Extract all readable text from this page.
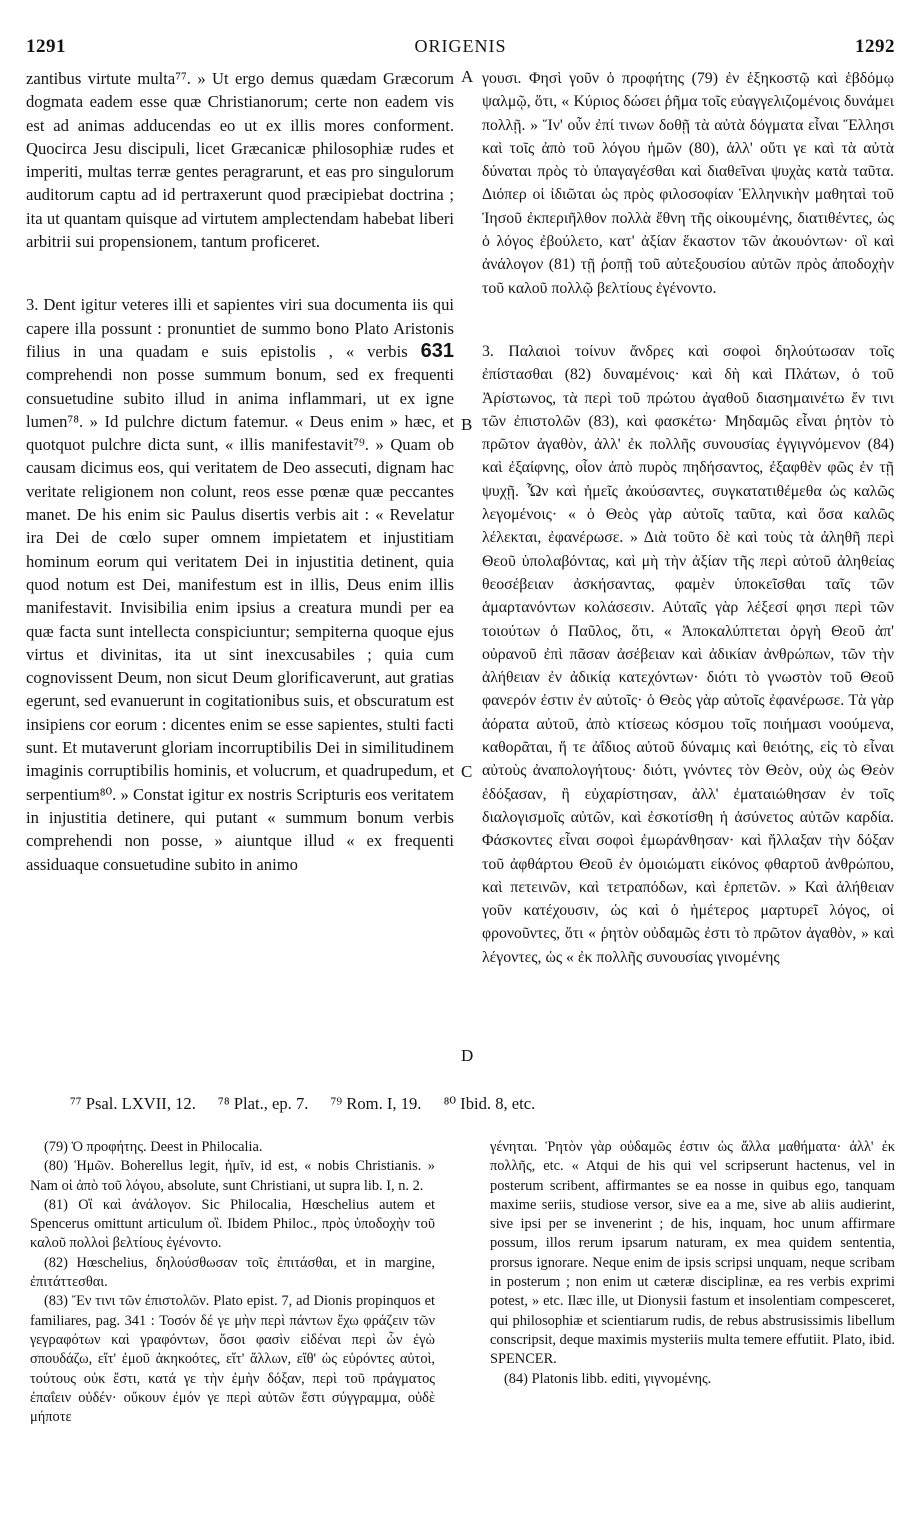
1291	ORIGENIS	1292

zantibus virtute multa⁷⁷. » Ut ergo demus quædam Græcorum dogmata eadem esse quæ Christianorum; certe non eadem vis est ad animas adducendas eo ut ex illis mores conforment. Quocirca Jesu discipuli, licet Græcanicæ philosophiæ rudes et imperiti, multas terræ gentes peragrarunt, et eas pro singulorum auditorum captu ad id pertraxerunt quod præcipiebat doctrina ; ita ut quantam quisque ad virtutem amplectendam habebat liberi arbitrii sui propensionem, tantum proficeret.

3. Dent igitur veteres illi et sapientes viri sua documenta iis qui capere illa possunt : pronuntiet de summo bono Plato Aristonis filius in una quadam e suis epistolis , « verbis 631 comprehendi non posse summum bonum, sed ex frequenti consuetudine subito illud in anima inflammari, ut ex igne lumen⁷⁸. » Id pulchre dictum fatemur. « Deus enim » hæc, et quotquot pulchre dicta sunt, « illis manifestavit⁷⁹. » Quam ob causam dicimus eos, qui veritatem de Deo assecuti, dignam hac veritate religionem non colunt, reos esse pœnæ quæ peccantes manet. De his enim sic Paulus disertis verbis ait : « Revelatur ira Dei de cœlo super omnem impietatem et injustitiam hominum eorum qui veritatem Dei in injustitia detinent, quia quod notum est Dei, manifestum est in illis, Deus enim illis manifestavit. Invisibilia enim ipsius a creatura mundi per ea quæ facta sunt intellecta conspiciuntur; sempiterna quoque ejus virtus et divinitas, ita ut sint inexcusabiles ; quia cum cognovissent Deum, non sicut Deum glorificaverunt, aut gratias egerunt, sed evanuerunt in cogitationibus suis, et obscuratum est insipiens cor eorum : dicentes enim se esse sapientes, stulti facti sunt. Et mutaverunt gloriam incorruptibilis Dei in similitudinem imaginis corruptibilis hominis, et volucrum, et quadrupedum, et serpentium⁸⁰. » Constat igitur ex nostris Scripturis eos veritatem in injustitia detinere, qui putant « summum bonum verbis comprehendi non posse, » aiuntque illud « ex frequenti assiduaque consuetudine subito in animo

A
B
C
D

γουσι. Φησὶ γοῦν ὁ προφήτης (79) ἐν ἑξηκοστῷ καὶ ἑβδόμῳ ψαλμῷ, ὅτι, « Κύριος δώσει ῥῆμα τοῖς εὐαγγελιζομένοις δυνάμει πολλῇ. » Ἵν' οὖν ἐπί τινων δοθῇ τὰ αὐτὰ δόγματα εἶναι Ἕλλησι καὶ τοῖς ἀπὸ τοῦ λόγου ἡμῶν (80), ἀλλ' οὔτι γε καὶ τὰ αὐτὰ δύναται πρὸς τὸ ὑπαγαγέσθαι καὶ διαθεῖναι ψυχὰς κατὰ ταῦτα. Διόπερ οἱ ἰδιῶται ὡς πρὸς φιλοσοφίαν Ἑλληνικὴν μαθηταὶ τοῦ Ἰησοῦ ἐκπεριῆλθον πολλὰ ἔθνη τῆς οἰκουμένης, διατιθέντες, ὡς ὁ λόγος ἐβούλετο, κατ' ἀξίαν ἕκαστον τῶν ἀκουόντων· οἳ καὶ ἀνάλογον (81) τῇ ῥοπῇ τοῦ αὐτεξουσίου αὐτῶν πρὸς ἀποδοχὴν τοῦ καλοῦ πολλῷ βελτίους ἐγένοντο.

3. Παλαιοὶ τοίνυν ἄνδρες καὶ σοφοὶ δηλούτωσαν τοῖς ἐπίστασθαι (82) δυναμένοις· καὶ δὴ καὶ Πλάτων, ὁ τοῦ Ἀρίστωνος, τὰ περὶ τοῦ πρώτου ἀγαθοῦ διασημαινέτω ἔν τινι τῶν ἐπιστολῶν (83), καὶ φασκέτω· Μηδαμῶς εἶναι ῥητὸν τὸ πρῶτον ἀγαθὸν, ἀλλ' ἐκ πολλῆς συνουσίας ἐγγιγνόμενον (84) καὶ ἐξαίφνης, οἷον ἀπὸ πυρὸς πηδήσαντος, ἐξαφθὲν φῶς ἐν τῇ ψυχῇ. Ὧν καὶ ἡμεῖς ἀκούσαντες, συγκατατιθέμεθα ὡς καλῶς λεγομένοις· « ὁ Θεὸς γὰρ αὐτοῖς ταῦτα, καὶ ὅσα καλῶς λέλεκται, ἐφανέρωσε. » Διὰ τοῦτο δὲ καὶ τοὺς τὰ ἀληθῆ περὶ Θεοῦ ὑπολαβόντας, καὶ μὴ τὴν ἀξίαν τῆς περὶ αὐτοῦ ἀληθείας θεοσέβειαν ἀσκήσαντας, φαμὲν ὑποκεῖσθαι ταῖς τῶν ἁμαρτανόντων κολάσεσιν. Αὐταῖς γὰρ λέξεσί φησι περὶ τῶν τοιούτων ὁ Παῦλος, ὅτι, « Ἀποκαλύπτεται ὀργὴ Θεοῦ ἀπ' οὐρανοῦ ἐπὶ πᾶσαν ἀσέβειαν καὶ ἀδικίαν ἀνθρώπων, τῶν τὴν ἀλήθειαν ἐν ἀδικίᾳ κατεχόντων· διότι τὸ γνωστὸν τοῦ Θεοῦ φανερόν ἐστιν ἐν αὐτοῖς· ὁ Θεὸς γὰρ αὐτοῖς ἐφανέρωσε. Τὰ γὰρ ἀόρατα αὐτοῦ, ἀπὸ κτίσεως κόσμου τοῖς ποιήμασι νοούμενα, καθορᾶται, ἥ τε ἀΐδιος αὐτοῦ δύναμις καὶ θειότης, εἰς τὸ εἶναι αὐτοὺς ἀναπολογήτους· διότι, γνόντες τὸν Θεὸν, οὐχ ὡς Θεὸν ἐδόξασαν, ἢ εὐχαρίστησαν, ἀλλ' ἐματαιώθησαν ἐν τοῖς διαλογισμοῖς αὐτῶν, καὶ ἐσκοτίσθη ἡ ἀσύνετος αὐτῶν καρδία. Φάσκοντες εἶναι σοφοὶ ἐμωράνθησαν· καὶ ἤλλαξαν τὴν δόξαν τοῦ ἀφθάρτου Θεοῦ ἐν ὁμοιώματι εἰκόνος φθαρτοῦ ἀνθρώπου, καὶ πετεινῶν, καὶ τετραπόδων, καὶ ἑρπετῶν. » Καὶ ἀλήθειαν γοῦν κατέχουσιν, ὡς καὶ ὁ ἡμέτερος μαρτυρεῖ λόγος, οἱ φρονοῦντες, ὅτι « ῥητὸν οὐδαμῶς ἐστι τὸ πρῶτον ἀγαθὸν, » καὶ λέγοντες, ὡς « ἐκ πολλῆς συνουσίας γινομένης

⁷⁷ Psal. LXVII, 12. ⁷⁸ Plat., ep. 7. ⁷⁹ Rom. I, 19. ⁸⁰ Ibid. 8, etc.

(79) Ὁ προφήτης. Deest in Philocalia.

(80) Ἡμῶν. Boherellus legit, ἡμῖν, id est, « nobis Christianis. » Nam οἱ ἀπὸ τοῦ λόγου, absolute, sunt Christiani, ut supra lib. I, n. 2.

(81) Οἳ καὶ ἀνάλογον. Sic Philocalia, Hœschelius autem et Spencerus omittunt articulum οἳ. Ibidem Philoc., πρὸς ὑποδοχὴν τοῦ καλοῦ πολλοὶ βελτίους ἐγένοντο.

(82) Hœschelius, δηλούσθωσαν τοῖς ἐπιτάσθαι, et in margine, ἐπιτάττεσθαι.

(83) Ἔν τινι τῶν ἐπιστολῶν. Plato epist. 7, ad Dionis propinquos et familiares, pag. 341 : Τοσόν δέ γε μὴν περὶ πάντων ἔχω φράζειν τῶν γεγραφότων καὶ γραφόντων, ὅσοι φασὶν εἰδέναι περὶ ὧν ἐγὼ σπουδάζω, εἴτ' ἐμοῦ ἀκηκοότες, εἴτ' ἄλλων, εἴθ' ὡς εὑρόντες αὐτοὶ, τούτους οὐκ ἔστι, κατά γε τὴν ἐμὴν δόξαν, περὶ τοῦ πράγματος ἐπαΐειν οὐδέν· οὔκουν ἐμόν γε περὶ αὐτῶν ἔστι σύγγραμμα, οὐδὲ μήποτε

γένηται. Ῥητὸν γὰρ οὐδαμῶς ἐστιν ὡς ἄλλα μαθήματα· ἀλλ' ἐκ πολλῆς, etc. « Atqui de his qui vel scripserunt hactenus, vel in posterum scribent, affirmantes se ea nosse in quibus ego, tanquam maxime seriis, studiose versor, sive ea a me, sive ab aliis audierint, sive ipsi per se invenerint ; de his, inquam, hoc unum affirmare possum, illos rerum ipsarum naturam, ex mea quidem sententia, prorsus ignorare. Neque enim de ipsis scripsi unquam, neque scribam in posterum ; non enim ut cæteræ disciplinæ, ea res verbis exprimi potest, » etc. Ilæc ille, ut Dionysii fastum et insolentiam compesceret, qui philosophiæ et scientiarum rudis, de rebus abstrusissimis libellum conscripsit, deque maximis mysteriis multa temere effutiit. Plato, ibid. SPENCER.

(84) Platonis libb. editi, γιγνομένης.
